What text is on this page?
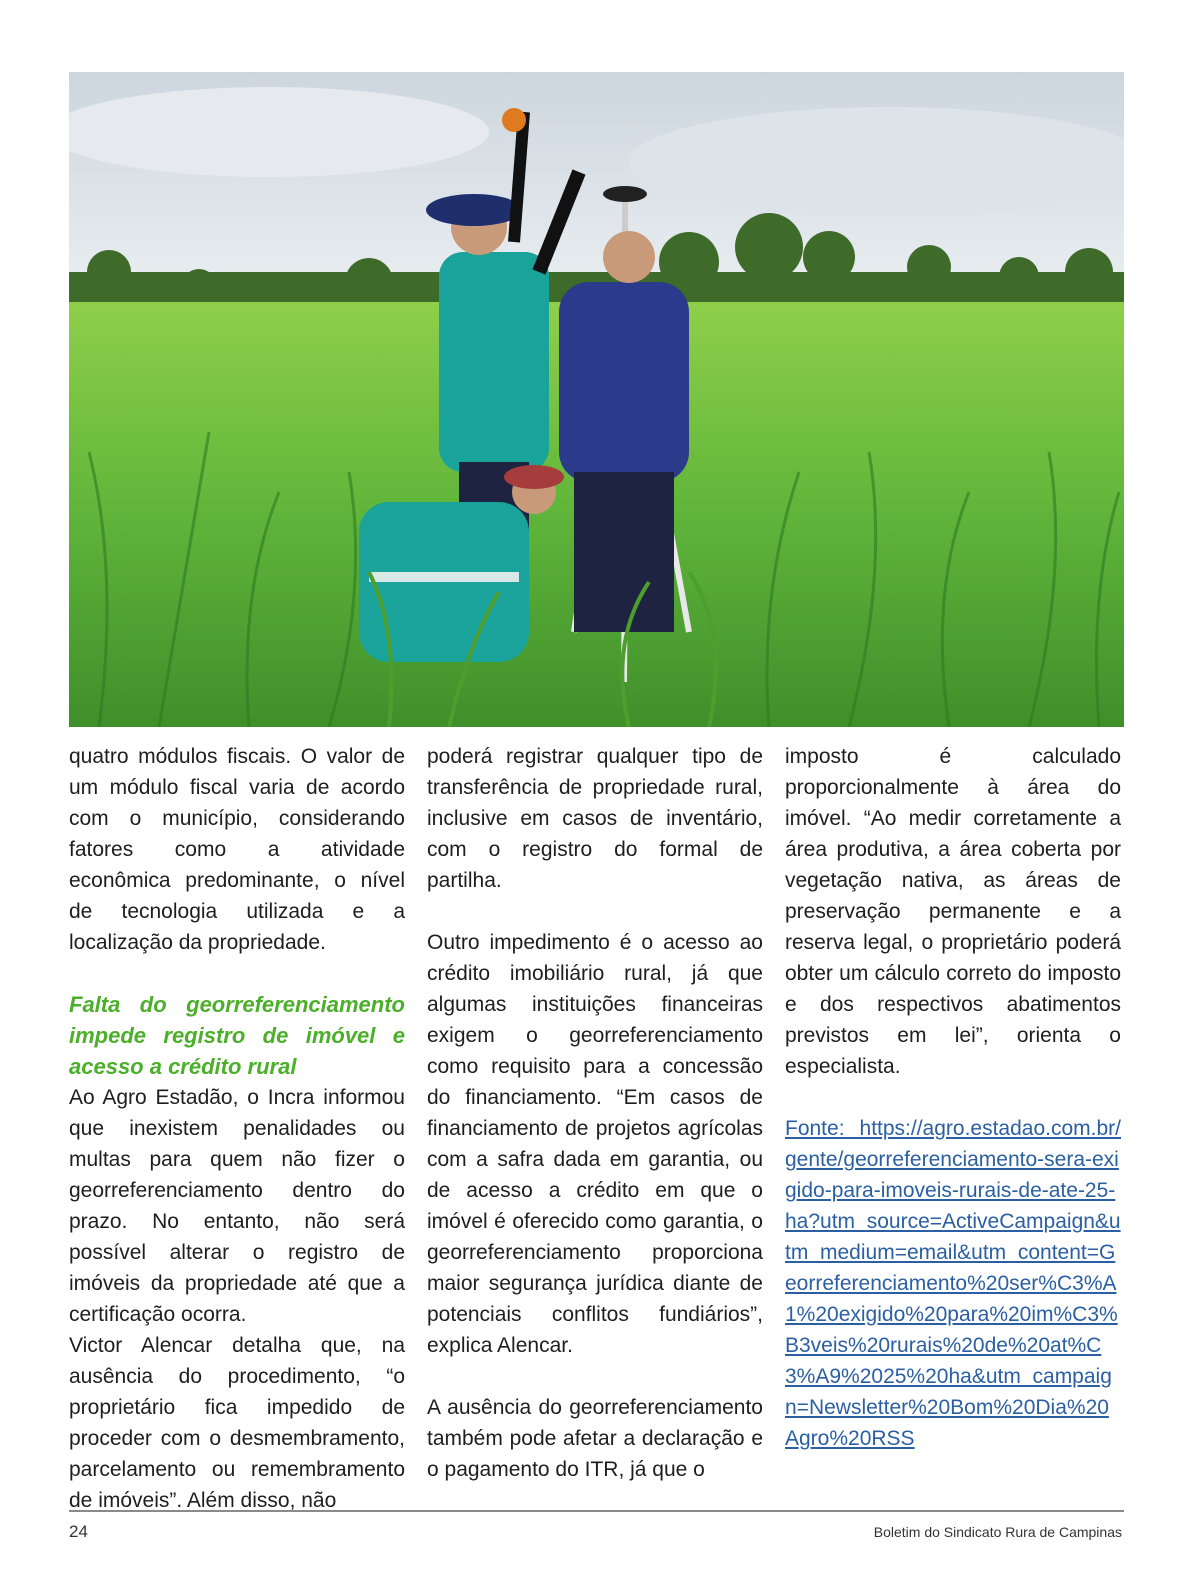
quatro módulos fiscais. O valor de um módulo fiscal varia de acordo com o município, considerando fatores como a atividade econômica predominante, o nível de tecnologia utilizada e a localização da propriedade.

Falta do georreferenciamento impede registro de imóvel e acesso a crédito rural

Ao Agro Estadão, o Incra informou que inexistem penalidades ou multas para quem não fizer o georreferenciamento dentro do prazo. No entanto, não será possível alterar o registro de imóveis da propriedade até que a certificação ocorra.

Victor Alencar detalha que, na ausência do procedimento, “o proprietário fica impedido de proceder com o desmembramento, parcelamento ou remembramento de imóveis”. Além disso, não

poderá registrar qualquer tipo de transferência de propriedade rural, inclusive em casos de inventário, com o registro do formal de partilha.

Outro impedimento é o acesso ao crédito imobiliário rural, já que algumas instituições financeiras exigem o georreferenciamento como requisito para a concessão do financiamento. “Em casos de financiamento de projetos agrícolas com a safra dada em garantia, ou de acesso a crédito em que o imóvel é oferecido como garantia, o georreferenciamento proporciona maior segurança jurídica diante de potenciais conflitos fundiários”, explica Alencar.

A ausência do georreferenciamento também pode afetar a declaração e o pagamento do ITR, já que o

imposto é calculado proporcionalmente à área do imóvel. “Ao medir corretamente a área produtiva, a área coberta por vegetação nativa, as áreas de preservação permanente e a reserva legal, o proprietário poderá obter um cálculo correto do imposto e dos respectivos abatimentos previstos em lei”, orienta o especialista.

Fonte: https://agro.estadao.com.br/gente/georreferenciamento-sera-exigido-para-imoveis-rurais-de-ate-25-ha?utm_source=ActiveCampaign&utm_medium=email&utm_content=Georreferenciamento%20ser%C3%A1%20exigido%20para%20im%C3%B3veis%20rurais%20de%20at%C3%A9%2025%20ha&utm_campaign=Newsletter%20Bom%20Dia%20Agro%20RSS

24	Boletim do Sindicato Rura de Campinas
